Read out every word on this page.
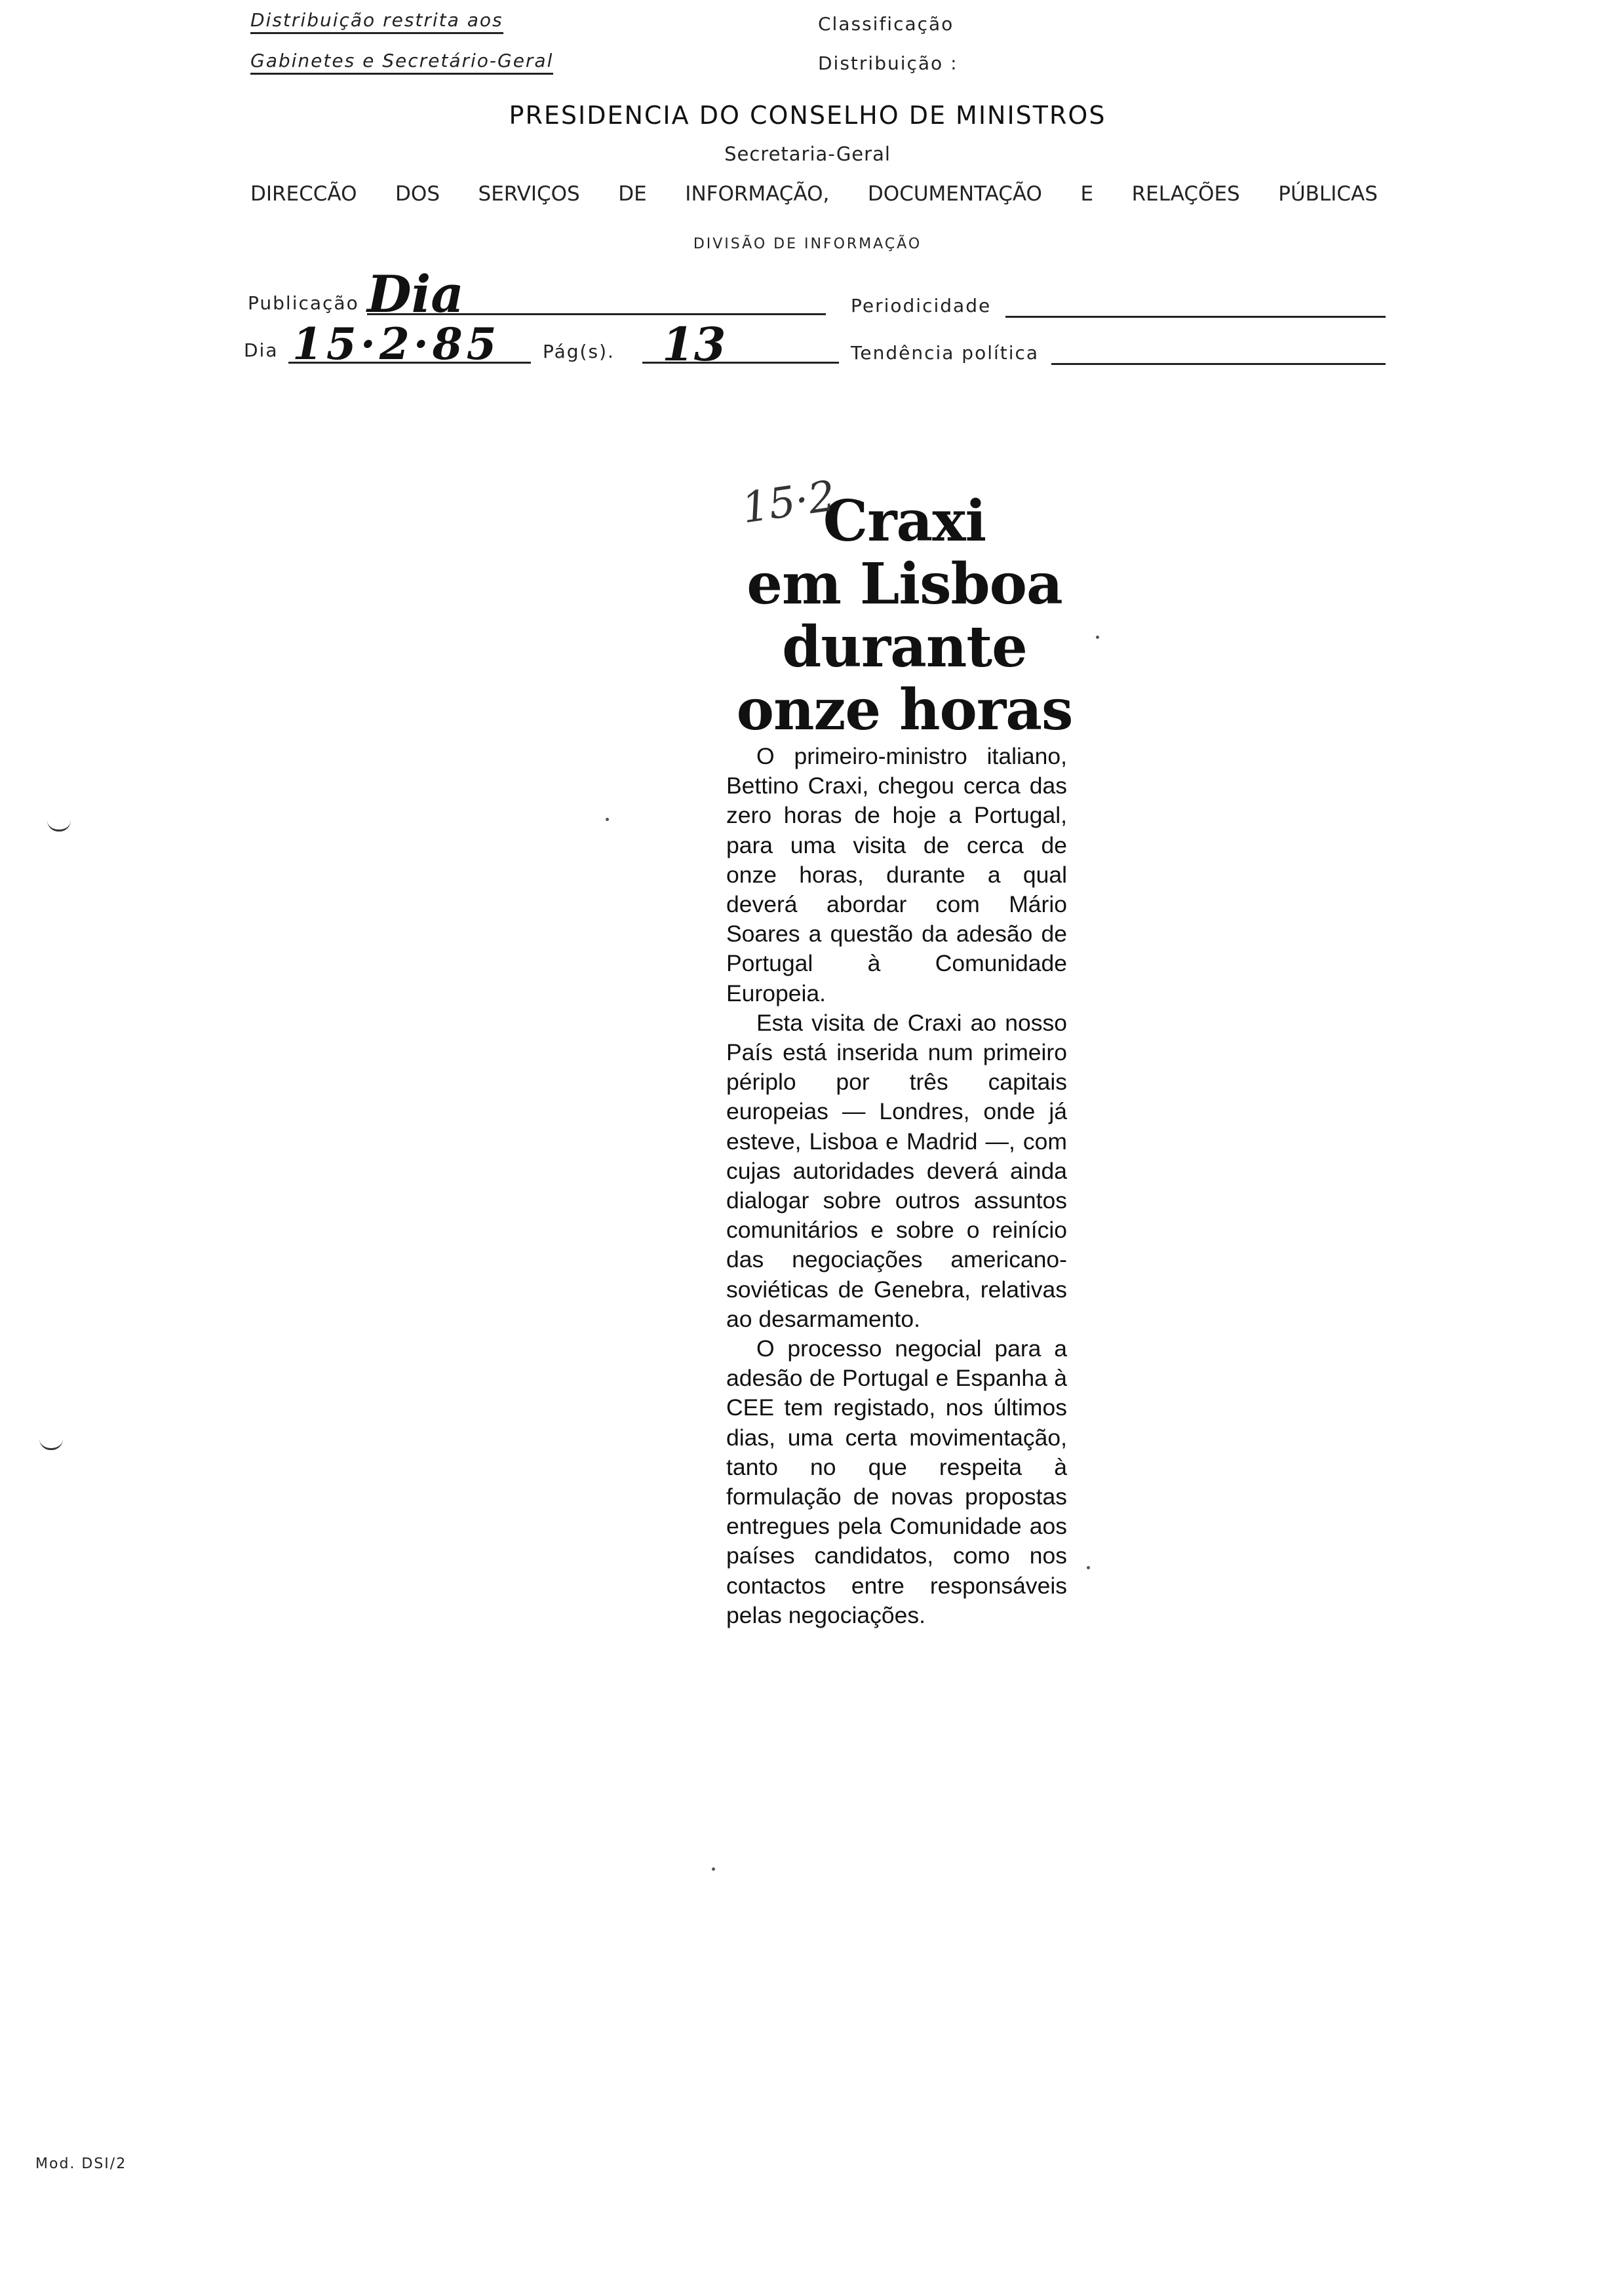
Distribuição restrita aos
Gabinetes e Secretário-Geral
Classificação
Distribuição :
PRESIDENCIA DO CONSELHO DE MINISTROS
Secretaria-Geral
DIRECCÃO DOS SERVIÇOS DE INFORMAÇÃO, DOCUMENTAÇÃO E RELAÇÕES PÚBLICAS
DIVISÃO DE INFORMAÇÃO
Publicação Dia	Periodicidade
Dia 15·2·85 Pág(s). 13	Tendência política
Craxi
em Lisboa
durante
onze horas
15·2

O primeiro-ministro italiano, Bettino Craxi, chegou cerca das zero horas de hoje a Portugal, para uma visita de cerca de onze horas, durante a qual deverá abordar com Mário Soares a questão da adesão de Portugal à Comunidade Europeia.

Esta visita de Craxi ao nosso País está inserida num primeiro périplo por três capitais europeias — Londres, onde já esteve, Lisboa e Madrid —, com cujas autoridades deverá ainda dialogar sobre outros assuntos comunitários e sobre o reinício das negociações americano-soviéticas de Genebra, relativas ao desarmamento.

O processo negocial para a adesão de Portugal e Espanha à CEE tem registado, nos últimos dias, uma certa movimentação, tanto no que respeita à formulação de novas propostas entregues pela Comunidade aos países candidatos, como nos contactos entre responsáveis pelas negociações.

Mod. DSI/2
